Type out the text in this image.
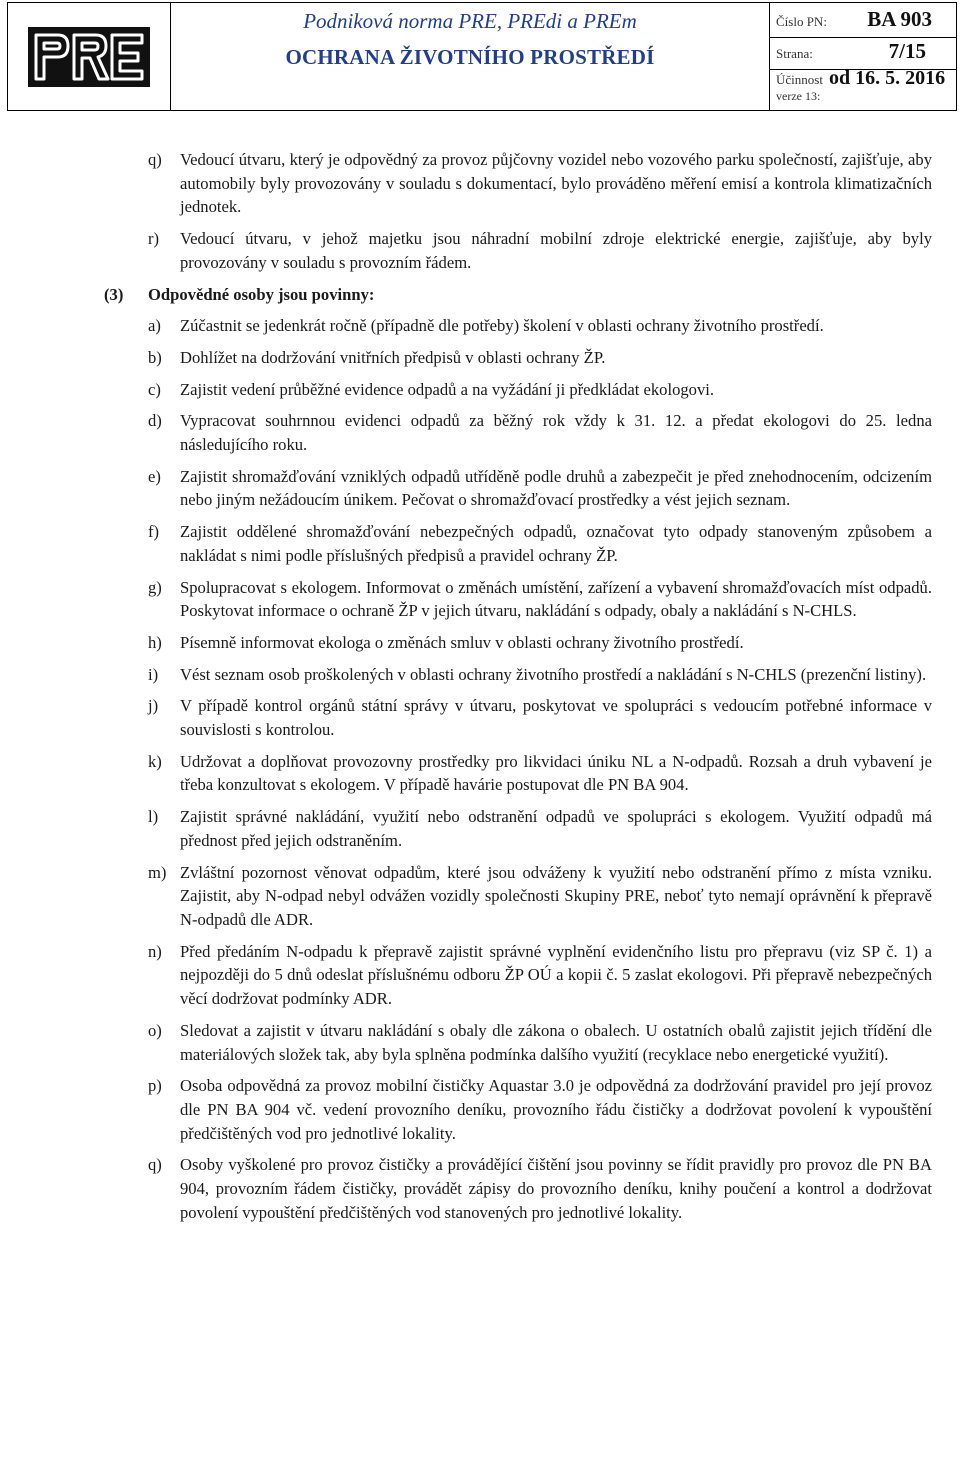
Podniková norma PRE, PREdi a PREm
OCHRANA ŽIVOTNÍHO PROSTŘEDÍ
Číslo PN: BA 903
Strana:	7/15
Účinnost od 16. 5. 2016
verze 13:
q)	Vedoucí útvaru, který je odpovědný za provoz půjčovny vozidel nebo vozového parku společností, zajišťuje, aby automobily byly provozovány v souladu s dokumentací, bylo prováděno měření emisí a kontrola klimatizačních jednotek.
r)	Vedoucí útvaru, v jehož majetku jsou náhradní mobilní zdroje elektrické energie, zajišťuje, aby byly provozovány v souladu s provozním řádem.
(3)	Odpovědné osoby jsou povinny:
a)	Zúčastnit se jedenkrát ročně (případně dle potřeby) školení v oblasti ochrany životního prostředí.
b)	Dohlížet na dodržování vnitřních předpisů v oblasti ochrany ŽP.
c)	Zajistit vedení průběžné evidence odpadů a na vyžádání ji předkládat ekologovi.
d)	Vypracovat souhrnnou evidenci odpadů za běžný rok vždy k 31. 12. a předat ekologovi do 25. ledna následujícího roku.
e)	Zajistit shromažďování vzniklých odpadů utříděně podle druhů a zabezpečit je před znehodnocením, odcizením nebo jiným nežádoucím únikem. Pečovat o shromažďovací prostředky a vést jejich seznam.
f)	Zajistit oddělené shromažďování nebezpečných odpadů, označovat tyto odpady stanoveným způsobem a nakládat s nimi podle příslušných předpisů a pravidel ochrany ŽP.
g)	Spolupracovat s ekologem. Informovat o změnách umístění, zařízení a vybavení shromažďovacích míst odpadů. Poskytovat informace o ochraně ŽP v jejich útvaru, nakládání s odpady, obaly a nakládání s N-CHLS.
h)	Písemně informovat ekologa o změnách smluv v oblasti ochrany životního prostředí.
i)	Vést seznam osob proškolených v oblasti ochrany životního prostředí a nakládání s N-CHLS (prezenční listiny).
j)	V případě kontrol orgánů státní správy v útvaru, poskytovat ve spolupráci s vedoucím potřebné informace v souvislosti s kontrolou.
k)	Udržovat a doplňovat provozovny prostředky pro likvidaci úniku NL a N-odpadů. Rozsah a druh vybavení je třeba konzultovat s ekologem. V případě havárie postupovat dle PN BA 904.
l)	Zajistit správné nakládání, využití nebo odstranění odpadů ve spolupráci s ekologem. Využití odpadů má přednost před jejich odstraněním.
m) Zvláštní pozornost věnovat odpadům, které jsou odváženy k využití nebo odstranění přímo z místa vzniku. Zajistit, aby N-odpad nebyl odvážen vozidly společnosti Skupiny PRE, neboť tyto nemají oprávnění k přepravě N-odpadů dle ADR.
n)	Před předáním N-odpadu k přepravě zajistit správné vyplnění evidenčního listu pro přepravu (viz SP č. 1) a nejpozději do 5 dnů odeslat příslušnému odboru ŽP OÚ a kopii č. 5 zaslat ekologovi. Při přepravě nebezpečných věcí dodržovat podmínky ADR.
o)	Sledovat a zajistit v útvaru nakládání s obaly dle zákona o obalech. U ostatních obalů zajistit jejich třídění dle materiálových složek tak, aby byla splněna podmínka dalšího využití (recyklace nebo energetické využití).
p)	Osoba odpovědná za provoz mobilní čističky Aquastar 3.0 je odpovědná za dodržování pravidel pro její provoz dle PN BA 904 vč. vedení provozního deníku, provozního řádu čističky a dodržovat povolení k vypouštění předčištěných vod pro jednotlivé lokality.
q)	Osoby vyškolené pro provoz čističky a provádějící čištění jsou povinny se řídit pravidly pro provoz dle PN BA 904, provozním řádem čističky, provádět zápisy do provozního deníku, knihy poučení a kontrol a dodržovat povolení vypouštění předčištěných vod stanovených pro jednotlivé lokality.
